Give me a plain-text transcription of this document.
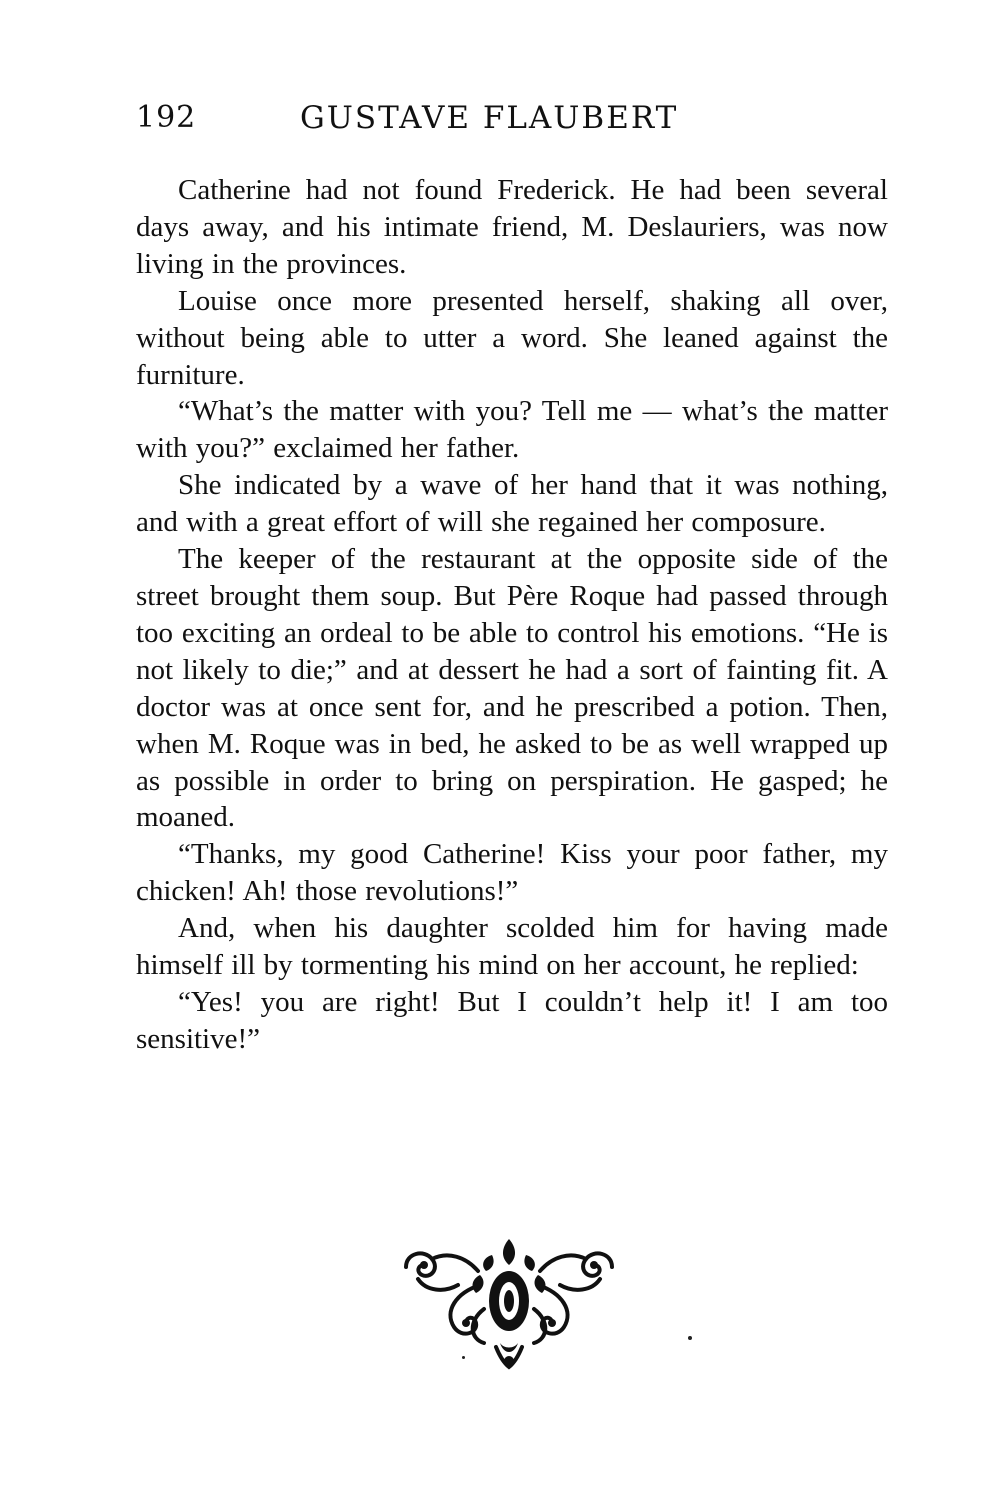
192	GUSTAVE FLAUBERT

Catherine had not found Frederick. He had been several days away, and his intimate friend, M. Deslauriers, was now living in the provinces.

Louise once more presented herself, shaking all over, without being able to utter a word. She leaned against the furniture.

“What’s the matter with you? Tell me — what’s the matter with you?” exclaimed her father.

She indicated by a wave of her hand that it was nothing, and with a great effort of will she regained her composure.

The keeper of the restaurant at the opposite side of the street brought them soup. But Père Roque had passed through too exciting an ordeal to be able to control his emotions. “He is not likely to die;” and at dessert he had a sort of fainting fit. A doctor was at once sent for, and he prescribed a potion. Then, when M. Roque was in bed, he asked to be as well wrapped up as possible in order to bring on perspiration. He gasped; he moaned.

“Thanks, my good Catherine! Kiss your poor father, my chicken! Ah! those revolutions!”

And, when his daughter scolded him for having made himself ill by tormenting his mind on her account, he replied:

“Yes! you are right! But I couldn’t help it! I am too sensitive!”
